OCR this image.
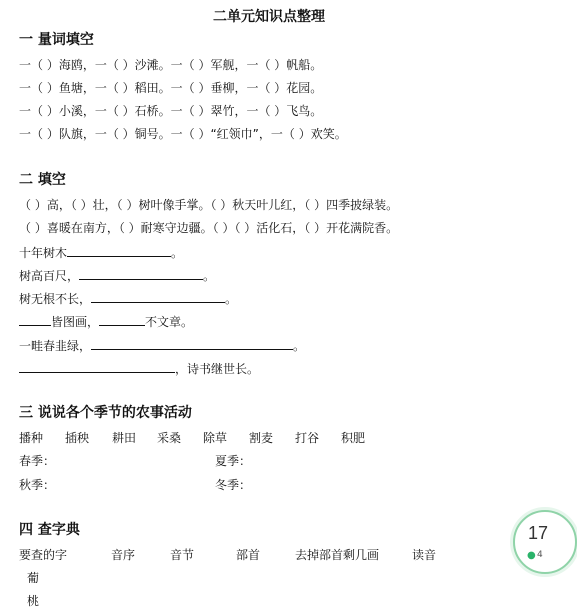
二单元知识点整理
一 量词填空
一（ ）海鸥，一（ ）沙滩。一（ ）军舰，一（ ）帆船。
一（ ）鱼塘，一（ ）稻田。一（ ）垂柳，一（ ）花园。
一（ ）小溪，一（ ）石桥。一（ ）翠竹，一（ ）飞鸟。
一（ ）队旗，一（ ）铜号。一（ ）“红领巾”，一（ ）欢笑。
二 填空
（ ）高，（ ）壮，（ ）树叶像手掌。（ ）秋天叶儿红，（ ）四季披绿装。
（ ）喜暖在南方，（ ）耐寒守边疆。（ ）（ ）活化石，（ ）开花满院香。
十年树木	。
树高百尺，	。
树无根不长，	。
皆图画，	不文章。
一畦春韭绿，	。
，诗书继世长。
三 说说各个季节的农事活动
播种 插秧 耕田 采桑 除草 割麦 打谷 积肥
春季：	夏季：
秋季：	冬季：
四 查字典
要查的字	音序	音节	部首	去掉部首剩几画	读音
葡
桃
17
● 4
